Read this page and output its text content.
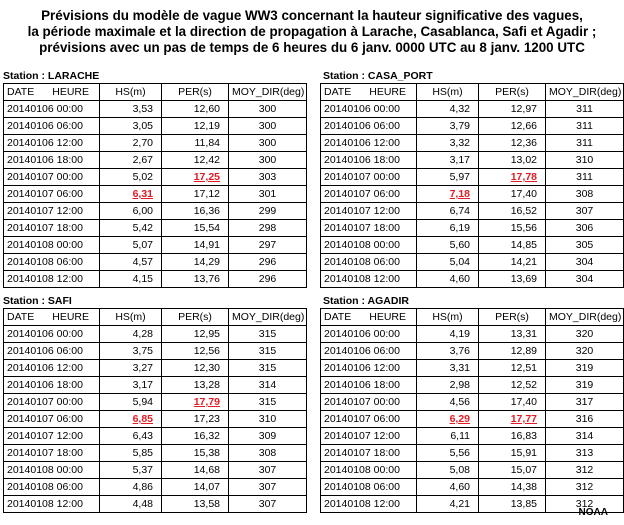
Prévisions du modèle de vague WW3 concernant la hauteur significative des vagues,
la période maximale et la direction de propagation à Larache, Casablanca, Safi et Agadir ;
prévisions avec un pas de temps de 6 heures du 6 janv. 0000 UTC au 8 janv. 1200 UTC
Station : LARACHE
DATE HEURE	HS(m)	PER(s)	MOY_DIR(deg)
20140106 00:00	3,53	12,60	300
20140106 06:00	3,05	12,19	300
20140106 12:00	2,70	11,84	300
20140106 18:00	2,67	12,42	300
20140107 00:00	5,02	17,25	303
20140107 06:00	6,31	17,12	301
20140107 12:00	6,00	16,36	299
20140107 18:00	5,42	15,54	298
20140108 00:00	5,07	14,91	297
20140108 06:00	4,57	14,29	296
20140108 12:00	4,15	13,76	296
Station : CASA_PORT
DATE HEURE	HS(m)	PER(s)	MOY_DIR(deg)
20140106 00:00	4,32	12,97	311
20140106 06:00	3,79	12,66	311
20140106 12:00	3,32	12,36	311
20140106 18:00	3,17	13,02	310
20140107 00:00	5,97	17,78	311
20140107 06:00	7,18	17,40	308
20140107 12:00	6,74	16,52	307
20140107 18:00	6,19	15,56	306
20140108 00:00	5,60	14,85	305
20140108 06:00	5,04	14,21	304
20140108 12:00	4,60	13,69	304
Station : SAFI
DATE HEURE	HS(m)	PER(s)	MOY_DIR(deg)
20140106 00:00	4,28	12,95	315
20140106 06:00	3,75	12,56	315
20140106 12:00	3,27	12,30	315
20140106 18:00	3,17	13,28	314
20140107 00:00	5,94	17,79	315
20140107 06:00	6,85	17,23	310
20140107 12:00	6,43	16,32	309
20140107 18:00	5,85	15,38	308
20140108 00:00	5,37	14,68	307
20140108 06:00	4,86	14,07	307
20140108 12:00	4,48	13,58	307
Station : AGADIR
DATE HEURE	HS(m)	PER(s)	MOY_DIR(deg)
20140106 00:00	4,19	13,31	320
20140106 06:00	3,76	12,89	320
20140106 12:00	3,31	12,51	319
20140106 18:00	2,98	12,52	319
20140107 00:00	4,56	17,40	317
20140107 06:00	6,29	17,77	316
20140107 12:00	6,11	16,83	314
20140107 18:00	5,56	15,91	313
20140108 00:00	5,08	15,07	312
20140108 06:00	4,60	14,38	312
20140108 12:00	4,21	13,85	312
NOAA
